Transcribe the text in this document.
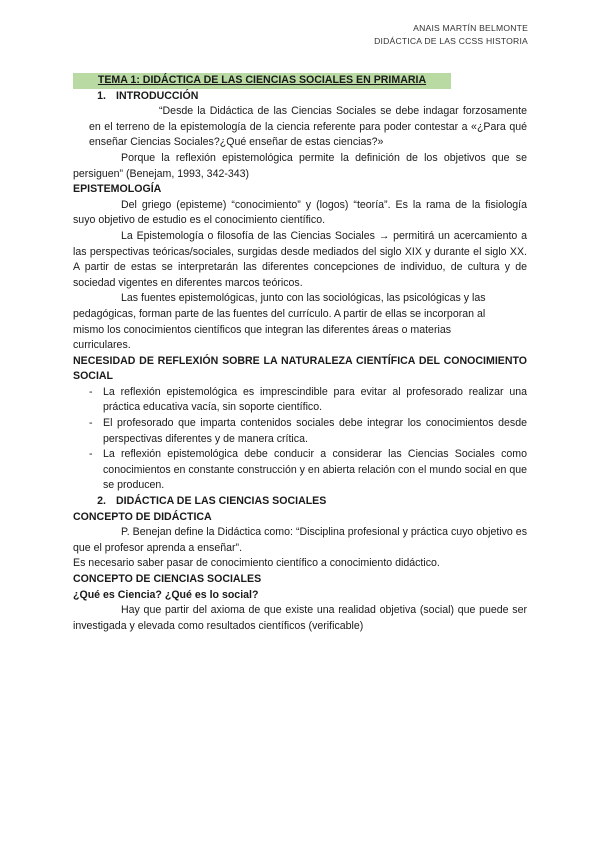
ANAIS MARTÍN BELMONTE
DIDÁCTICA DE LAS CCSS HISTORIA

TEMA 1: DIDÁCTICA DE LAS CIENCIAS SOCIALES EN PRIMARIA

1. INTRODUCCIÓN

“Desde la Didáctica de las Ciencias Sociales se debe indagar forzosamente en el terreno de la epistemología de la ciencia referente para poder contestar a «¿Para qué enseñar Ciencias Sociales?¿Qué enseñar de estas ciencias?»

Porque la reflexión epistemológica permite la definición de los objetivos que se persiguen” (Benejam, 1993, 342-343)

EPISTEMOLOGÍA

Del griego (episteme) “conocimiento” y (logos) “teoría”. Es la rama de la fisiología suyo objetivo de estudio es el conocimiento científico.

La Epistemología o filosofía de las Ciencias Sociales → permitirá un acercamiento a las perspectivas teóricas/sociales, surgidas desde mediados del siglo XIX y durante el siglo XX. A partir de estas se interpretarán las diferentes concepciones de individuo, de cultura y de sociedad vigentes en diferentes marcos teóricos.

Las fuentes epistemológicas, junto con las sociológicas, las psicológicas y las pedagógicas, forman parte de las fuentes del currículo. A partir de ellas se incorporan al mismo los conocimientos científicos que integran las diferentes áreas o materias curriculares.

NECESIDAD DE REFLEXIÓN SOBRE LA NATURALEZA CIENTÍFICA DEL CONOCIMIENTO SOCIAL

- La reflexión epistemológica es imprescindible para evitar al profesorado realizar una práctica educativa vacía, sin soporte científico.
- El profesorado que imparta contenidos sociales debe integrar los conocimientos desde perspectivas diferentes y de manera crítica.
- La reflexión epistemológica debe conducir a considerar las Ciencias Sociales como conocimientos en constante construcción y en abierta relación con el mundo social en que se producen.
2. DIDÁCTICA DE LAS CIENCIAS SOCIALES

CONCEPTO DE DIDÁCTICA

P. Benejan define la Didáctica como: “Disciplina profesional y práctica cuyo objetivo es que el profesor aprenda a enseñar”.

Es necesario saber pasar de conocimiento científico a conocimiento didáctico.

CONCEPTO DE CIENCIAS SOCIALES

¿Qué es Ciencia? ¿Qué es lo social?

Hay que partir del axioma de que existe una realidad objetiva (social) que puede ser investigada y elevada como resultados científicos (verificable)
